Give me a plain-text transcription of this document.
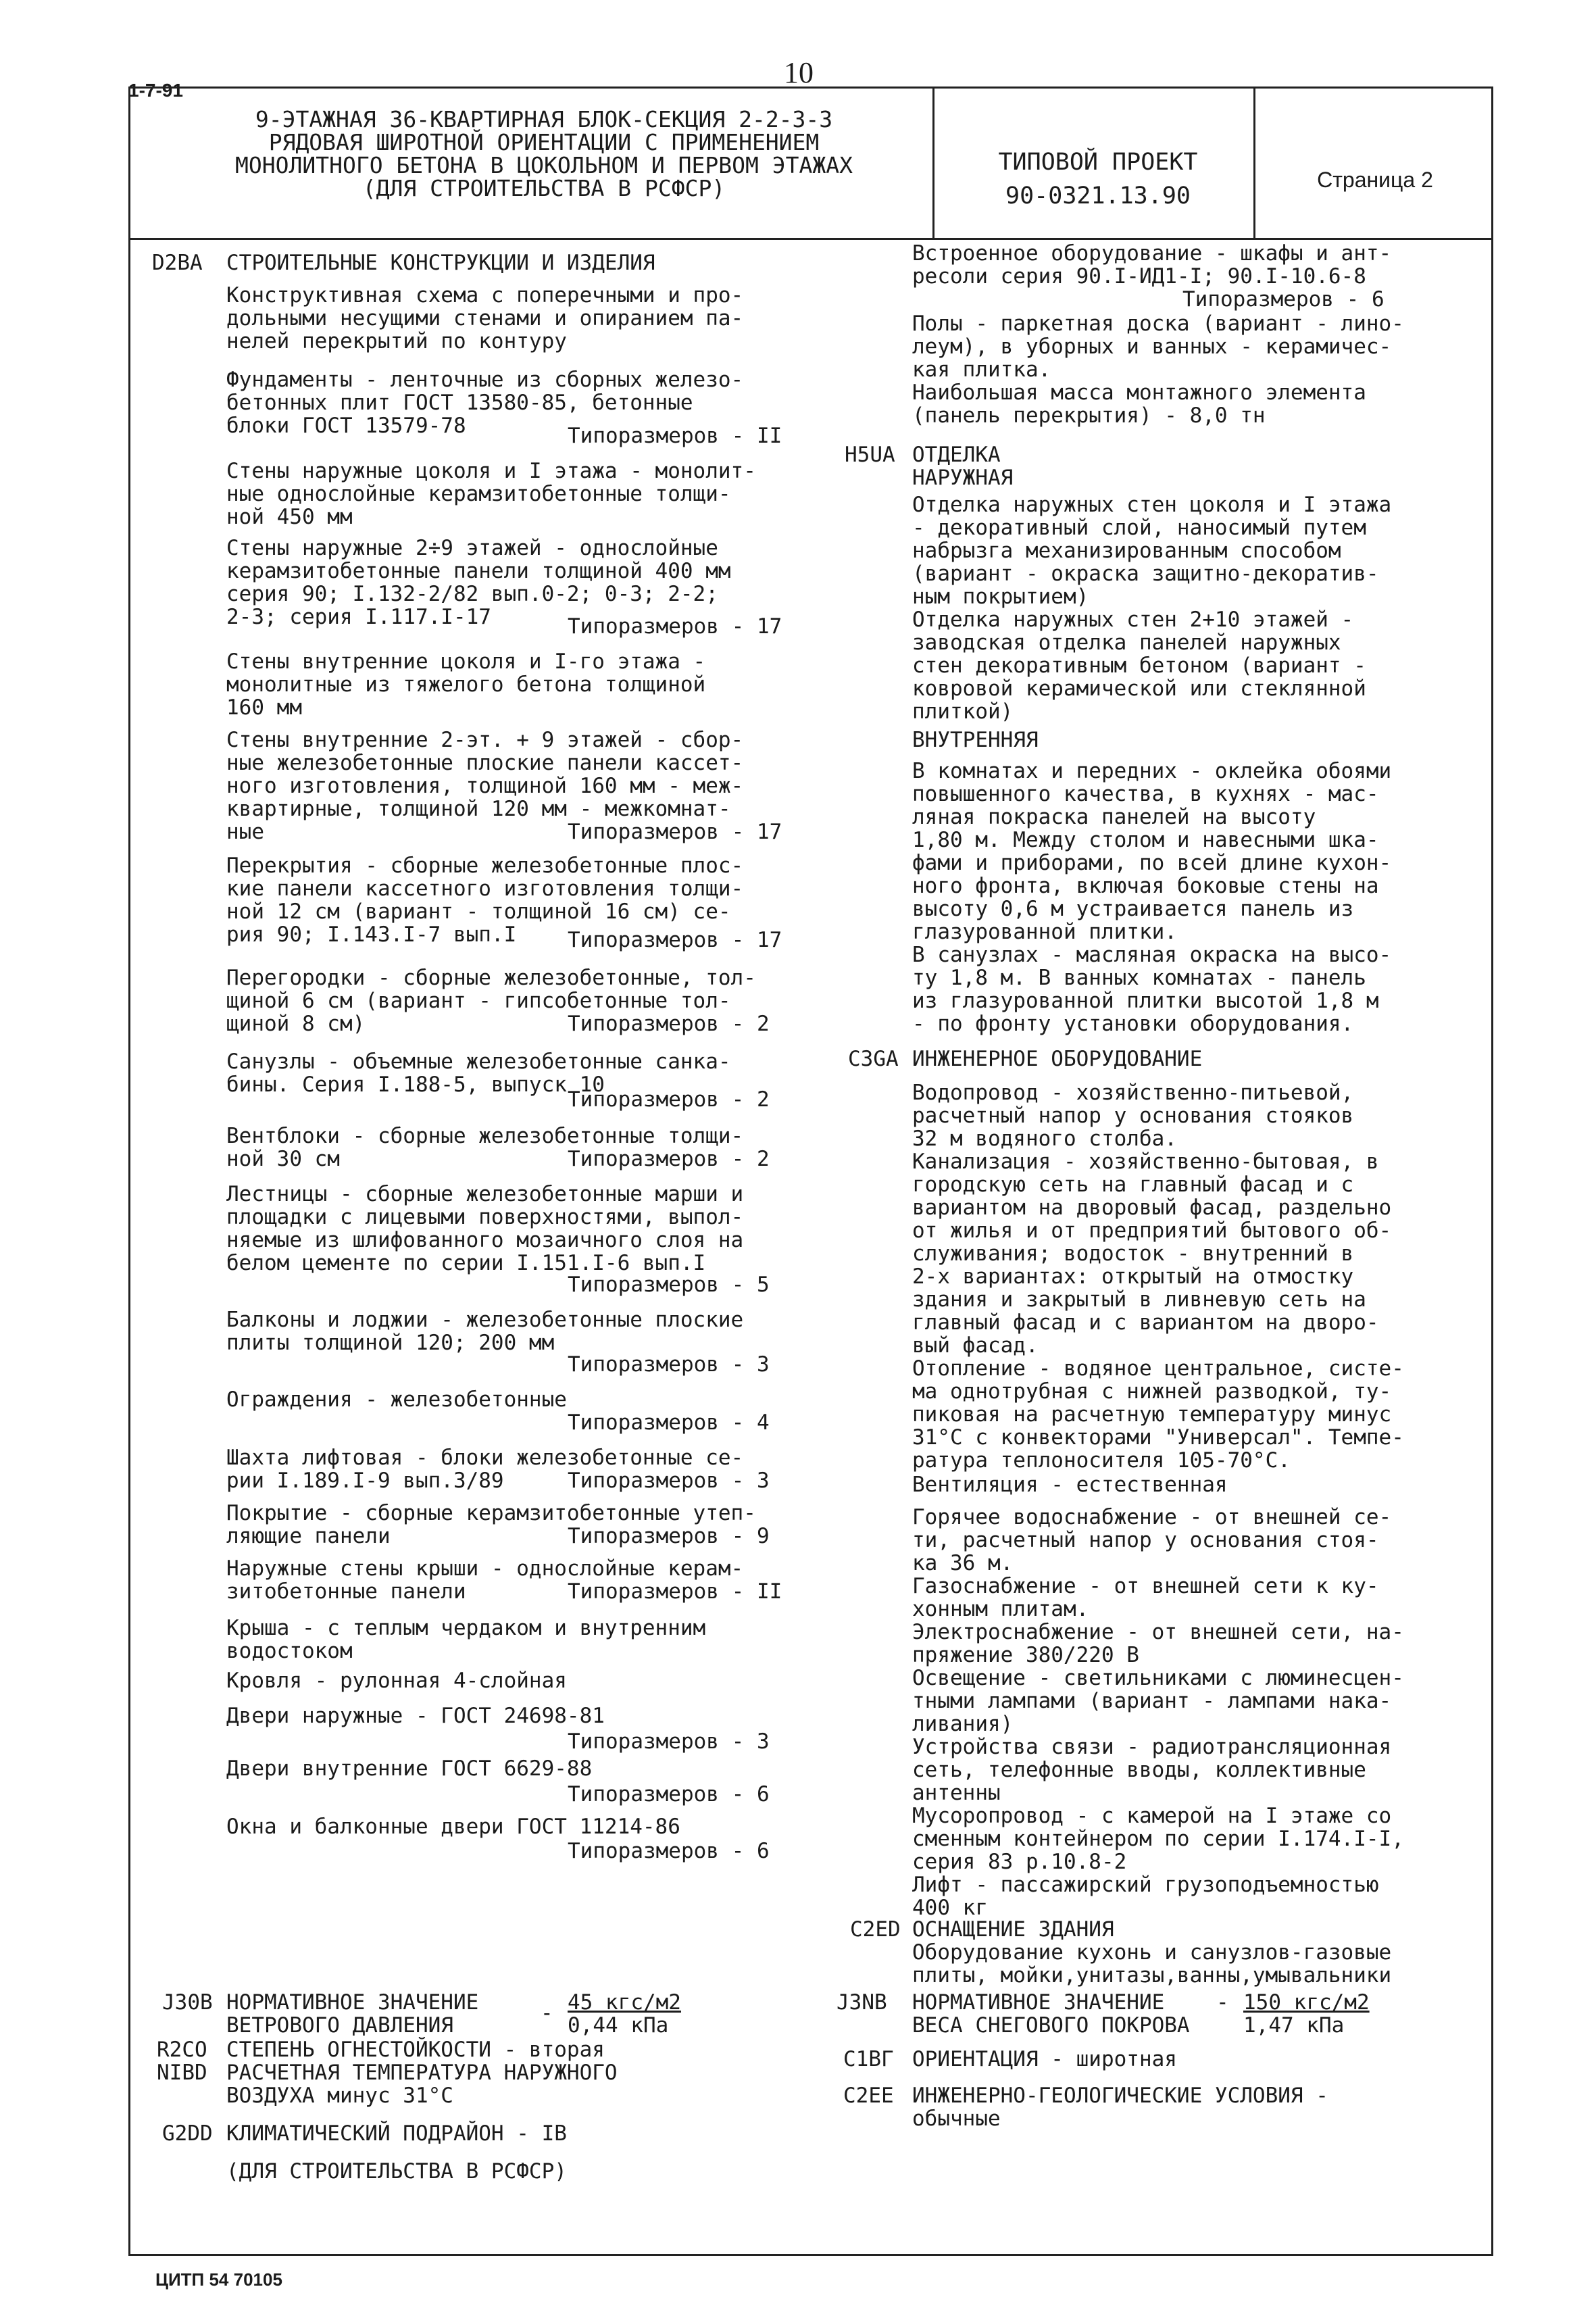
1-7-91
10
9-ЭТАЖНАЯ 36-КВАРТИРНАЯ БЛОК-СЕКЦИЯ 2-2-3-3
РЯДОВАЯ ШИРОТНОЙ ОРИЕНТАЦИИ С ПРИМЕНЕНИЕМ
МОНОЛИТНОГО БЕТОНА В ЦОКОЛЬНОМ И ПЕРВОМ ЭТАЖАХ
(ДЛЯ СТРОИТЕЛЬСТВА В РСФСР)
ТИПОВОЙ ПРОЕКТ
90-0321.13.90
Страница 2
D2BA СТРОИТЕЛЬНЫЕ КОНСТРУКЦИИ И ИЗДЕЛИЯ
Конструктивная схема с поперечными и про-
дольными несущими стенами и опиранием па-
нелей перекрытий по контуру
Фундаменты - ленточные из сборных железо-
бетонных плит ГОСТ 13580-85, бетонные
блоки ГОСТ 13579-78	Типоразмеров - II
Стены наружные цоколя и I этажа - монолит-
ные однослойные керамзитобетонные толщи-
ной 450 мм
Стены наружные 2÷9 этажей - однослойные
керамзитобетонные панели толщиной 400 мм
серия 90; I.132-2/82 вып.0-2; 0-3; 2-2;
2-3; серия I.117.I-17	Типоразмеров - 17
Стены внутренние цоколя и I-го этажа -
монолитные из тяжелого бетона толщиной
160 мм
Стены внутренние 2-эт. + 9 этажей - сбор-
ные железобетонные плоские панели кассет-
ного изготовления, толщиной 160 мм - меж-
квартирные, толщиной 120 мм - межкомнат-
ные	Типоразмеров - 17
Перекрытия - сборные железобетонные плос-
кие панели кассетного изготовления толщи-
ной 12 см (вариант - толщиной 16 см) се-
рия 90; I.143.I-7 вып.I	Типоразмеров - 17
Перегородки - сборные железобетонные, тол-
щиной 6 см (вариант - гипсобетонные тол-
щиной 8 см)	Типоразмеров - 2
Санузлы - объемные железобетонные санка-
бины. Серия I.188-5, выпуск 10
Типоразмеров - 2
Вентблоки - сборные железобетонные толщи-
ной 30 см	Типоразмеров - 2
Лестницы - сборные железобетонные марши и
площадки с лицевыми поверхностями, выпол-
няемые из шлифованного мозаичного слоя на
белом цементе по серии I.151.I-6 вып.I
Типоразмеров - 5
Балконы и лоджии - железобетонные плоские
плиты толщиной 120; 200 мм
Типоразмеров - 3
Ограждения - железобетонные
Типоразмеров - 4
Шахта лифтовая - блоки железобетонные се-
рии I.189.I-9 вып.3/89	Типоразмеров - 3
Покрытие - сборные керамзитобетонные утеп-
ляющие панели	Типоразмеров - 9
Наружные стены крыши - однослойные керам-
зитобетонные панели	Типоразмеров - II
Крыша - с теплым чердаком и внутренним
водостоком
Кровля - рулонная 4-слойная
Двери наружные - ГОСТ 24698-81
Типоразмеров - 3
Двери внутренние ГОСТ 6629-88
Типоразмеров - 6
Окна и балконные двери ГОСТ 11214-86
Типоразмеров - 6
Встроенное оборудование - шкафы и ант-
ресоли серия 90.I-ИД1-I; 90.I-10.6-8
Типоразмеров - 6
Полы - паркетная доска (вариант - лино-
леум), в уборных и ванных - керамичес-
кая плитка.
Наибольшая масса монтажного элемента
(панель перекрытия) - 8,0 тн
H5UA ОТДЕЛКА
НАРУЖНАЯ
Отделка наружных стен цоколя и I этажа
- декоративный слой, наносимый путем
набрызга механизированным способом
(вариант - окраска защитно-декоратив-
ным покрытием)
Отделка наружных стен 2+10 этажей -
заводская отделка панелей наружных
стен декоративным бетоном (вариант -
ковровой керамической или стеклянной
плиткой)
ВНУТРЕННЯЯ
В комнатах и передних - оклейка обоями
повышенного качества, в кухнях - мас-
ляная покраска панелей на высоту
1,80 м. Между столом и навесными шка-
фами и приборами, по всей длине кухон-
ного фронта, включая боковые стены на
высоту 0,6 м устраивается панель из
глазурованной плитки.
В санузлах - масляная окраска на высо-
ту 1,8 м. В ванных комнатах - панель
из глазурованной плитки высотой 1,8 м
- по фронту установки оборудования.
C3GA ИНЖЕНЕРНОЕ ОБОРУДОВАНИЕ
Водопровод - хозяйственно-питьевой,
расчетный напор у основания стояков
32 м водяного столба.
Канализация - хозяйственно-бытовая, в
городскую сеть на главный фасад и с
вариантом на дворовый фасад, раздельно
от жилья и от предприятий бытового об-
служивания; водосток - внутренний в
2-х вариантах: открытый на отмостку
здания и закрытый в ливневую сеть на
главный фасад и с вариантом на дворо-
вый фасад.
Отопление - водяное центральное, систе-
ма однотрубная с нижней разводкой, ту-
пиковая на расчетную температуру минус
31°С с конвекторами "Универсал". Темпе-
ратура теплоносителя 105-70°С.
Вентиляция - естественная
Горячее водоснабжение - от внешней се-
ти, расчетный напор у основания стоя-
ка 36 м.
Газоснабжение - от внешней сети к ку-
хонным плитам.
Электроснабжение - от внешней сети, на-
пряжение 380/220 В
Освещение - светильниками с люминесцен-
тными лампами (вариант - лампами нака-
ливания)
Устройства связи - радиотрансляционная
сеть, телефонные вводы, коллективные
антенны
Мусоропровод - с камерой на I этаже со
сменным контейнером по серии I.174.I-I,
серия 83 р.10.8-2
Лифт - пассажирский грузоподъемностью
400 кг
C2ED ОСНАЩЕНИЕ ЗДАНИЯ
Оборудование кухонь и санузлов-газовые
плиты, мойки,унитазы,ванны,умывальники
J30B НОРМАТИВНОЕ ЗНАЧЕНИЕ
ВЕТРОВОГО ДАВЛЕНИЯ	- 45 кгс/м2
0,44 кПа
R2CO СТЕПЕНЬ ОГНЕСТОЙКОСТИ - вторая
NIBD РАСЧЕТНАЯ ТЕМПЕРАТУРА НАРУЖНОГО
ВОЗДУХА минус 31°С
G2DD КЛИМАТИЧЕСКИЙ ПОДРАЙОН - IB
(ДЛЯ СТРОИТЕЛЬСТВА В РСФСР)
J3NB НОРМАТИВНОЕ ЗНАЧЕНИЕ
ВЕСА СНЕГОВОГО ПОКРОВА
- 150 кгс/м2
1,47 кПа
C1BГ ОРИЕНТАЦИЯ - широтная
C2EE ИНЖЕНЕРНО-ГЕОЛОГИЧЕСКИЕ УСЛОВИЯ -
обычные
ЦИТП 54 70105
